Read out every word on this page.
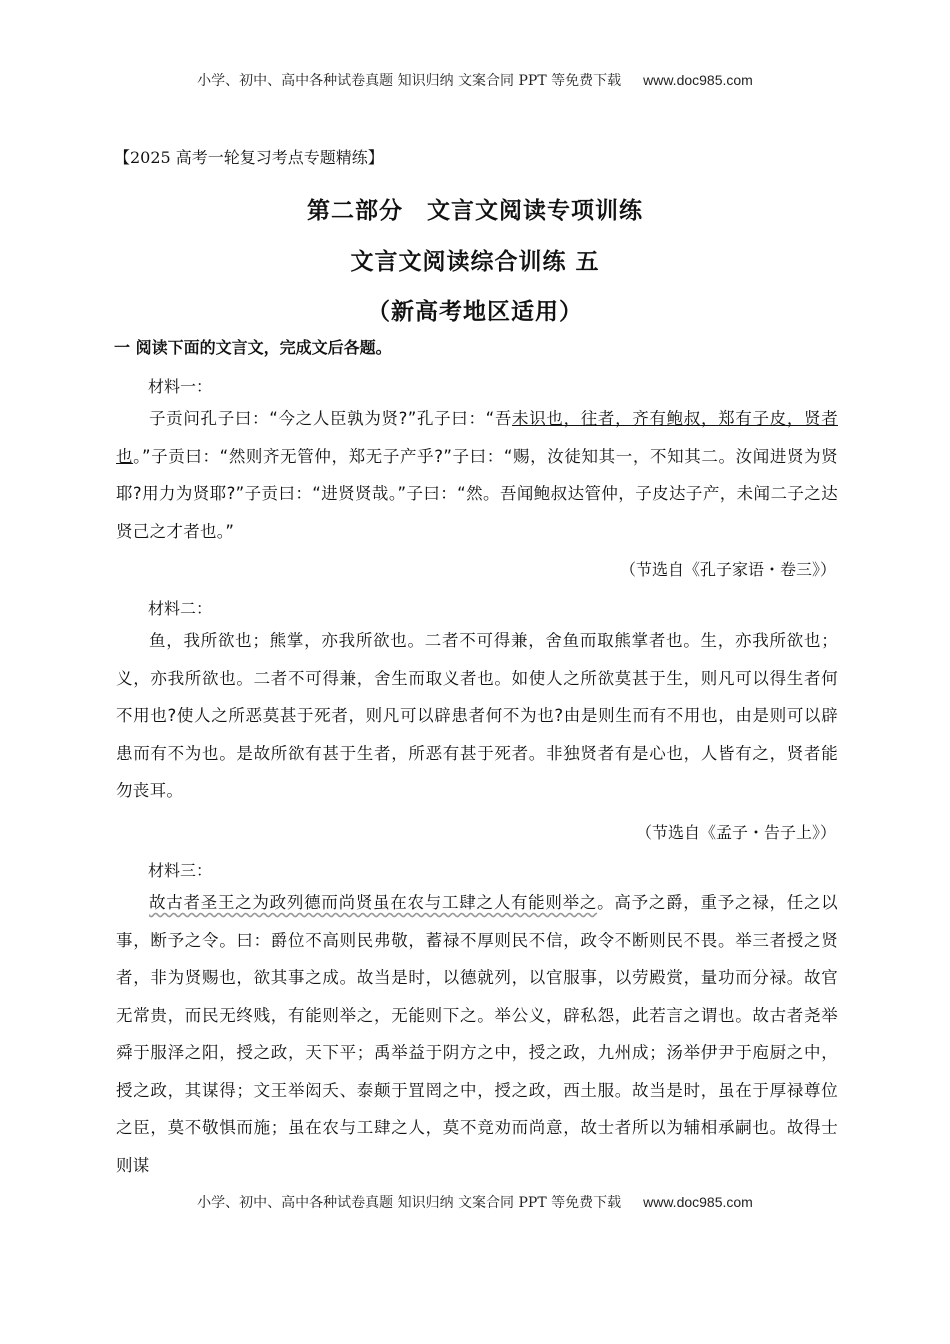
小学、初中、高中各种试卷真题 知识归纳 文案合同 PPT 等免费下载 www.doc985.com
【2025 高考一轮复习考点专题精练】
第二部分　文言文阅读专项训练
文言文阅读综合训练 五
（新高考地区适用）
一 阅读下面的文言文，完成文后各题。
材料一：
子贡问孔子曰：“今之人臣孰为贤?”孔子曰：“吾未识也，往者，齐有鲍叔，郑有子皮，贤者也。”子贡曰：“然则齐无管仲，郑无子产乎?”子曰：“赐，汝徒知其一，不知其二。汝闻进贤为贤耶?用力为贤耶?”子贡曰：“进贤贤哉。”子曰：“然。吾闻鲍叔达管仲，子皮达子产，未闻二子之达贤己之才者也。”
（节选自《孔子家语・卷三》）
材料二：
鱼，我所欲也；熊掌，亦我所欲也。二者不可得兼，舍鱼而取熊掌者也。生，亦我所欲也；义，亦我所欲也。二者不可得兼，舍生而取义者也。如使人之所欲莫甚于生，则凡可以得生者何不用也?使人之所恶莫甚于死者，则凡可以辟患者何不为也?由是则生而有不用也，由是则可以辟患而有不为也。是故所欲有甚于生者，所恶有甚于死者。非独贤者有是心也，人皆有之，贤者能勿丧耳。
（节选自《孟子・告子上》）
材料三：
故古者圣王之为政列德而尚贤虽在农与工肆之人有能则举之。高予之爵，重予之禄，任之以事，断予之令。曰：爵位不高则民弗敬，蓄禄不厚则民不信，政令不断则民不畏。举三者授之贤者，非为贤赐也，欲其事之成。故当是时，以德就列，以官服事，以劳殿赏，量功而分禄。故官无常贵，而民无终贱，有能则举之，无能则下之。举公义，辟私怨，此若言之谓也。故古者尧举舜于服泽之阳，授之政，天下平；禹举益于阴方之中，授之政，九州成；汤举伊尹于庖厨之中，授之政，其谋得；文王举闳夭、泰颠于罝罔之中，授之政，西土服。故当是时，虽在于厚禄尊位之臣，莫不敬惧而施；虽在农与工肆之人，莫不竞劝而尚意，故士者所以为辅相承嗣也。故得士则谋
小学、初中、高中各种试卷真题 知识归纳 文案合同 PPT 等免费下载 www.doc985.com
